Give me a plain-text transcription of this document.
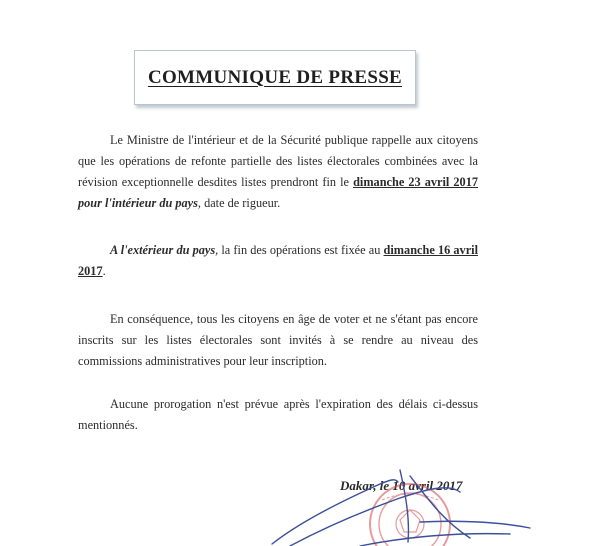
COMMUNIQUE DE PRESSE
Le Ministre de l'intérieur et de la Sécurité publique rappelle aux citoyens que les opérations de refonte partielle des listes électorales combinées avec la révision exceptionnelle desdites listes prendront fin le dimanche 23 avril 2017 pour l'intérieur du pays, date de rigueur.
A l'extérieur du pays, la fin des opérations est fixée au dimanche 16 avril 2017.
En conséquence, tous les citoyens en âge de voter et ne s'étant pas encore inscrits sur les listes électorales sont invités à se rendre au niveau des commissions administratives pour leur inscription.
Aucune prorogation n'est prévue après l'expiration des délais ci-dessus mentionnés.
Dakar, le 10 avril 2017
